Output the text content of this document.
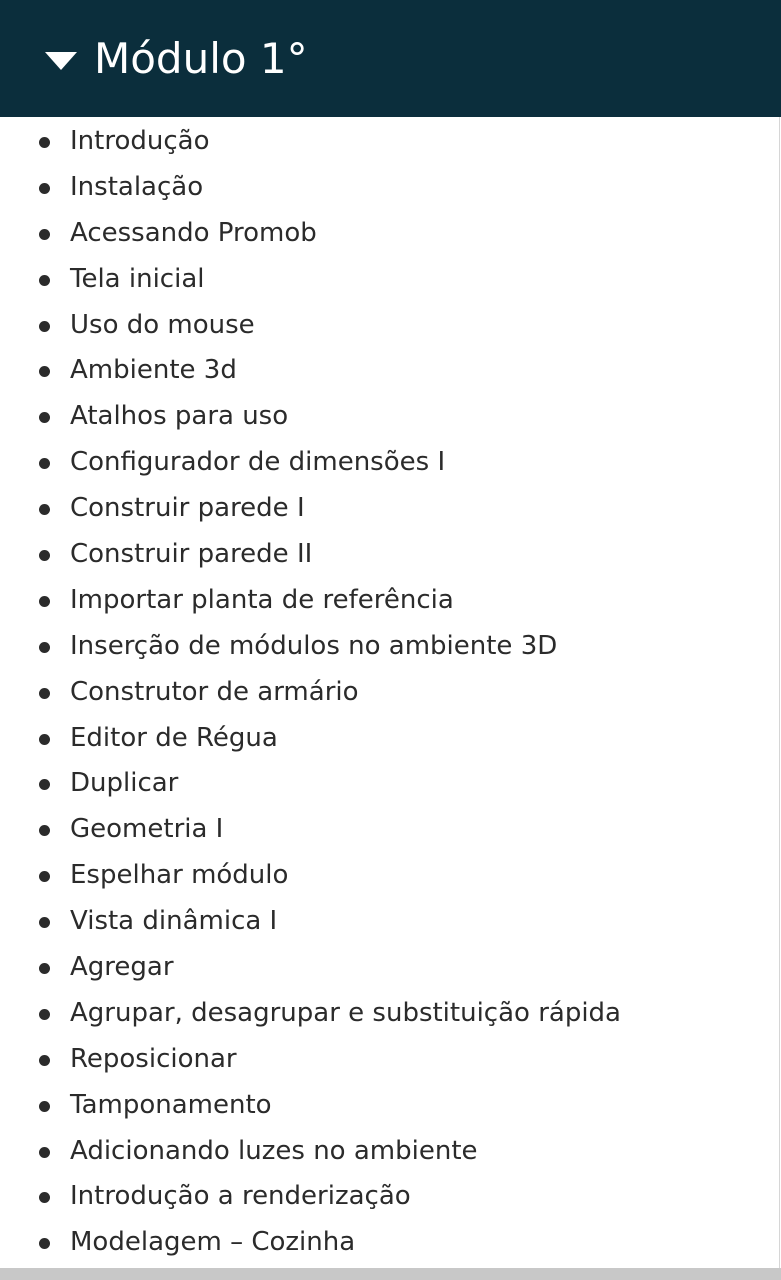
Módulo 1°
Introdução
Instalação
Acessando Promob
Tela inicial
Uso do mouse
Ambiente 3d
Atalhos para uso
Configurador de dimensões I
Construir parede I
Construir parede II
Importar planta de referência
Inserção de módulos no ambiente 3D
Construtor de armário
Editor de Régua
Duplicar
Geometria I
Espelhar módulo
Vista dinâmica I
Agregar
Agrupar, desagrupar e substituição rápida
Reposicionar
Tamponamento
Adicionando luzes no ambiente
Introdução a renderização
Modelagem – Cozinha
